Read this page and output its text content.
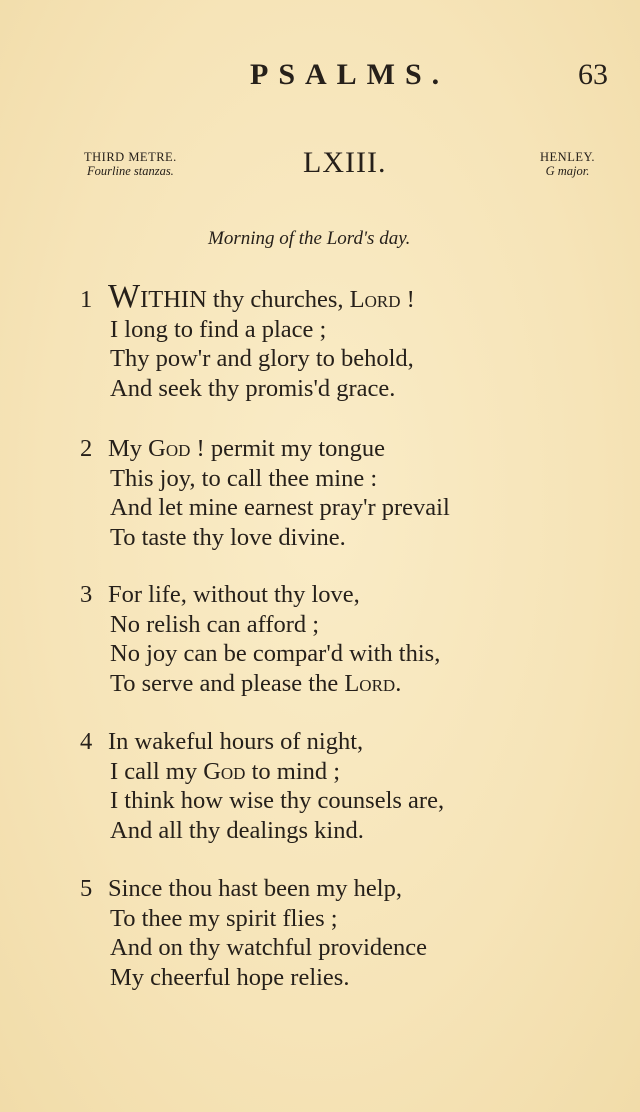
PSALMS.	63
THIRD METRE.
Fourline stanzas.	LXIII.	HENLEY.
G major.
Morning of the Lord's day.
1 WITHIN thy churches, Lord !
I long to find a place ;
Thy pow'r and glory to behold,
And seek thy promis'd grace.
2 My God ! permit my tongue
This joy, to call thee mine :
And let mine earnest pray'r prevail
To taste thy love divine.
3 For life, without thy love,
No relish can afford ;
No joy can be compar'd with this,
To serve and please the Lord.
4 In wakeful hours of night,
I call my God to mind ;
I think how wise thy counsels are,
And all thy dealings kind.
5 Since thou hast been my help,
To thee my spirit flies ;
And on thy watchful providence
My cheerful hope relies.
